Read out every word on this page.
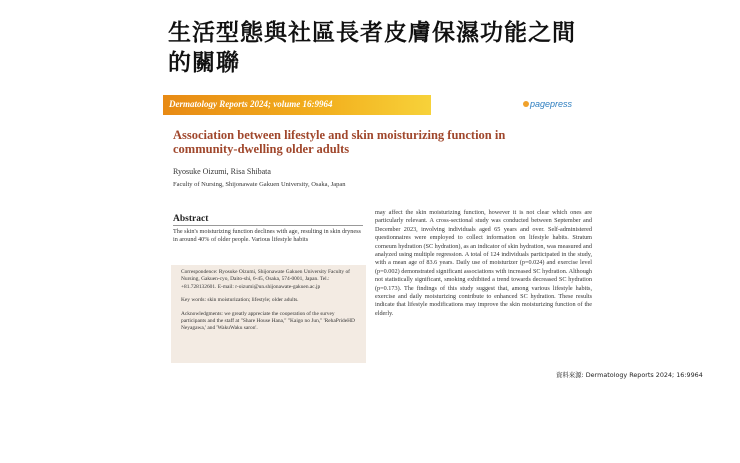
生活型態與社區長者皮膚保濕功能之間的關聯
Dermatology Reports 2024; volume 16:9964	pagepress
Association between lifestyle and skin moisturizing function in community-dwelling older adults
Ryosuke Oizumi, Risa Shibata
Faculty of Nursing, Shijonawate Gakuen University, Osaka, Japan
Abstract
The skin's moisturizing function declines with age, resulting in skin dryness in around 40% of older people. Various lifestyle habits

Correspondence: Ryosuke Oizumi, Shijonawate Gakuen University Faculty of Nursing, Gakuen-cyo, Daito-shi, 6-45, Osaka, 574-0001, Japan. Tel.: +81.728132601. E-mail: r-oizumi@un.shijonawate-gakuen.ac.jp

Key words: skin moisturization; lifestyle; older adults.

Acknowledgments: we greatly appreciate the cooperation of the survey participants and the staff at "Share House Hana," "Kaigo no Jun," 'RehaPrideHD Neyagawa,' and 'WakuWaku saron'.

may affect the skin moisturizing function, however it is not clear which ones are particularly relevant. A cross-sectional study was conducted between September and December 2023, involving individuals aged 65 years and over. Self-administered questionnaires were employed to collect information on lifestyle habits. Stratum corneum hydration (SC hydration), as an indicator of skin hydration, was measured and analyzed using multiple regression. A total of 124 individuals participated in the study, with a mean age of 83.6 years. Daily use of moisturizer (p=0.024) and exercise level (p=0.002) demonstrated significant associations with increased SC hydration. Although not statistically significant, smoking exhibited a trend towards decreased SC hydration (p=0.173). The findings of this study suggest that, among various lifestyle habits, exercise and daily moisturizing contribute to enhanced SC hydration. These results indicate that lifestyle modifications may improve the skin moisturizing function of the elderly.
資料來源: Dermatology Reports 2024; 16:9964
